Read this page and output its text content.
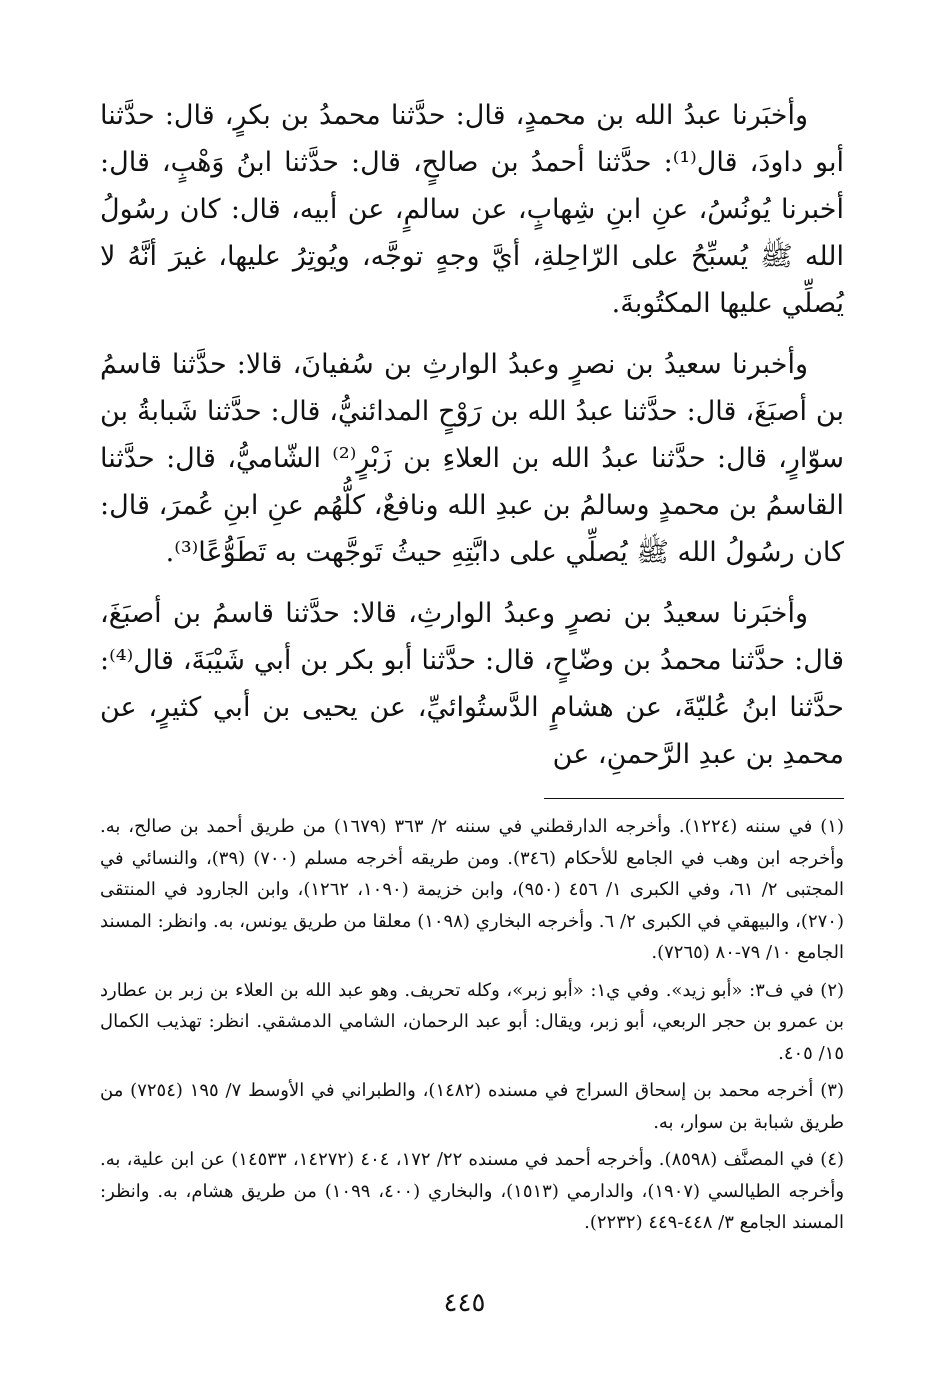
وأخبَرنا عبدُ الله بن محمدٍ، قال: حدَّثنا محمدُ بن بكرٍ، قال: حدَّثنا أبو داودَ، قال⁽¹⁾: حدَّثنا أحمدُ بن صالحٍ، قال: حدَّثنا ابنُ وَهْبٍ، قال: أخبرنا يُونُسُ، عنِ ابنِ شِهابٍ، عن سالمٍ، عن أبيه، قال: كان رسُولُ الله ﷺ يُسبِّحُ على الرّاحِلةِ، أيَّ وجهٍ توجَّه، ويُوتِرُ عليها، غيرَ أنَّهُ لا يُصلِّي عليها المكتُوبةَ.

وأخبرنا سعيدُ بن نصرٍ وعبدُ الوارثِ بن سُفيانَ، قالا: حدَّثنا قاسمُ بن أصبَغَ، قال: حدَّثنا عبدُ الله بن رَوْحٍ المدائنيُّ، قال: حدَّثنا شَبابةُ بن سوّارٍ، قال: حدَّثنا عبدُ الله بن العلاءِ بن زَبْرٍ⁽²⁾ الشّاميُّ، قال: حدَّثنا القاسمُ بن محمدٍ وسالمُ بن عبدِ الله ونافعٌ، كلُّهُم عنِ ابنِ عُمرَ، قال: كان رسُولُ الله ﷺ يُصلِّي على دابَّتِهِ حيثُ تَوجَّهت به تَطَوُّعًا⁽³⁾.

وأخبَرنا سعيدُ بن نصرٍ وعبدُ الوارثِ، قالا: حدَّثنا قاسمُ بن أصبَغَ، قال: حدَّثنا محمدُ بن وضّاحٍ، قال: حدَّثنا أبو بكر بن أبي شَيْبَةَ، قال⁽⁴⁾: حدَّثنا ابنُ عُليّةَ، عن هشامٍ الدَّستُوائيِّ، عن يحيى بن أبي كثيرٍ، عن محمدِ بن عبدِ الرَّحمنِ، عن

(١) في سننه (١٢٢٤). وأخرجه الدارقطني في سننه ٢/ ٣٦٣ (١٦٧٩) من طريق أحمد بن صالح، به. وأخرجه ابن وهب في الجامع للأحكام (٣٤٦). ومن طريقه أخرجه مسلم (٧٠٠) (٣٩)، والنسائي في المجتبى ٢/ ٦١، وفي الكبرى ١/ ٤٥٦ (٩٥٠)، وابن خزيمة (١٠٩٠، ١٢٦٢)، وابن الجارود في المنتقى (٢٧٠)، والبيهقي في الكبرى ٢/ ٦. وأخرجه البخاري (١٠٩٨) معلقا من طريق يونس، به. وانظر: المسند الجامع ١٠/ ٧٩-٨٠ (٧٢٦٥).

(٢) في ف٣: «أبو زيد». وفي ي١: «أبو زبر»، وكله تحريف. وهو عبد الله بن العلاء بن زبر بن عطارد بن عمرو بن حجر الربعي، أبو زبر، ويقال: أبو عبد الرحمان، الشامي الدمشقي. انظر: تهذيب الكمال ١٥/ ٤٠٥.

(٣) أخرجه محمد بن إسحاق السراج في مسنده (١٤٨٢)، والطبراني في الأوسط ٧/ ١٩٥ (٧٢٥٤) من طريق شبابة بن سوار، به.

(٤) في المصنَّف (٨٥٩٨). وأخرجه أحمد في مسنده ٢٢/ ١٧٢، ٤٠٤ (١٤٢٧٢، ١٤٥٣٣) عن ابن علية، به. وأخرجه الطيالسي (١٩٠٧)، والدارمي (١٥١٣)، والبخاري (٤٠٠، ١٠٩٩) من طريق هشام، به. وانظر: المسند الجامع ٣/ ٤٤٨-٤٤٩ (٢٢٣٢).

٤٤٥
